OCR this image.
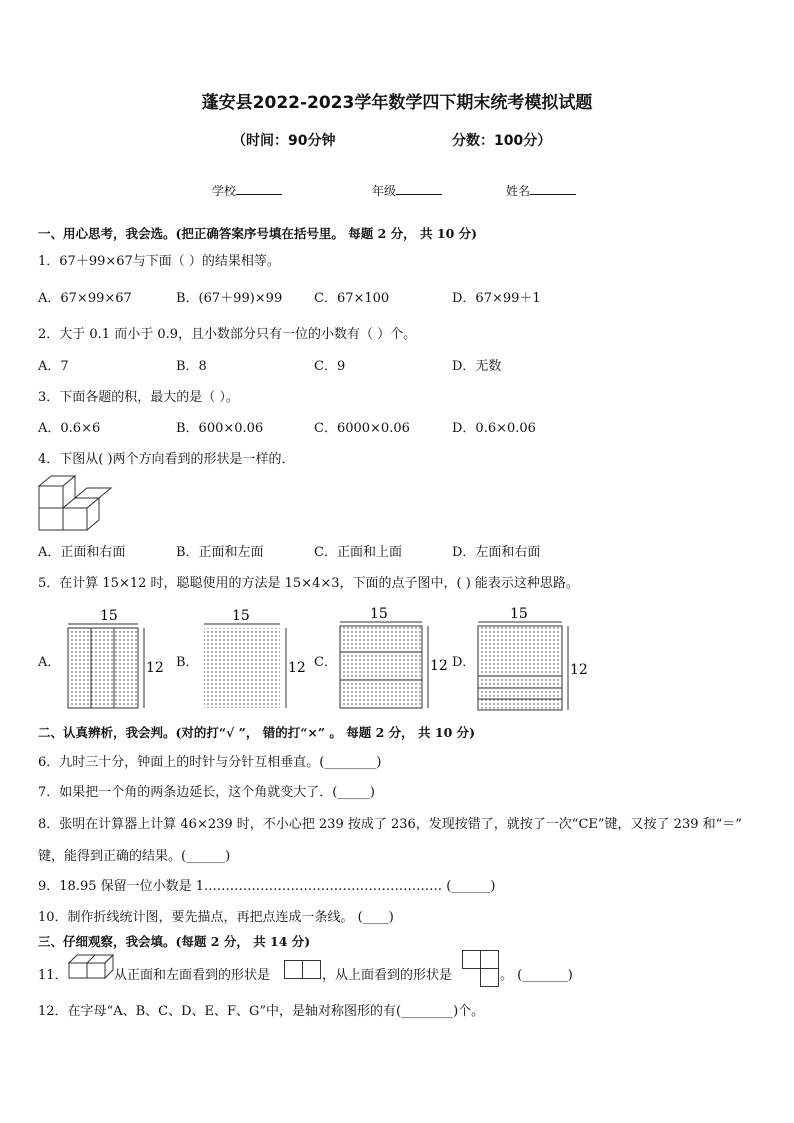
蓬安县2022-2023学年数学四下期末统考模拟试题
（时间：90分钟	分数：100分）
学校	年级	姓名
一、用心思考，我会选。(把正确答案序号填在括号里。 每题 2 分， 共 10 分)
1．67＋99×67与下面（ ）的结果相等。
A．67×99×67	B．(67＋99)×99 C．67×100	D．67×99＋1
2．大于 0.1 而小于 0.9，且小数部分只有一位的小数有（ ）个。
A．7	B．8	C．9	D．无数
3．下面各题的积，最大的是（ ）。
A．0.6×6	B．600×0.06	C．6000×0.06	D．0.6×0.06
4．下图从( )两个方向看到的形状是一样的．
A．正面和右面	B．正面和左面	C．正面和上面	D．左面和右面
5．在计算 15×12 时，聪聪使用的方法是 15×4×3，下面的点子图中，( ) 能表示这种思路。
A．
15
12 B．
15
12 C．
15
12 D．
15
12
二、认真辨析，我会判。(对的打“√ ”， 错的打“×” 。 每题 2 分， 共 10 分)
6．九时三十分，钟面上的时针与分针互相垂直。(________)
7．如果把一个角的两条边延长，这个角就变大了．(_____)
8．张明在计算器上计算 46×239 时，不小心把 239 按成了 236，发现按错了，就按了一次“CE”键，又按了 239 和“＝”
键，能得到正确的结果。(______)
9．18.95 保留一位小数是 1.……………………………………………… (______)
10．制作折线统计图，要先描点，再把点连成一条线。 (____)
三、仔细观察，我会填。(每题 2 分， 共 14 分)
11．	从正面和左面看到的形状是	，从上面看到的形状是	。 (_______)
12．在字母“A、B、C、D、E、F、G”中，是轴对称图形的有(________)个。
